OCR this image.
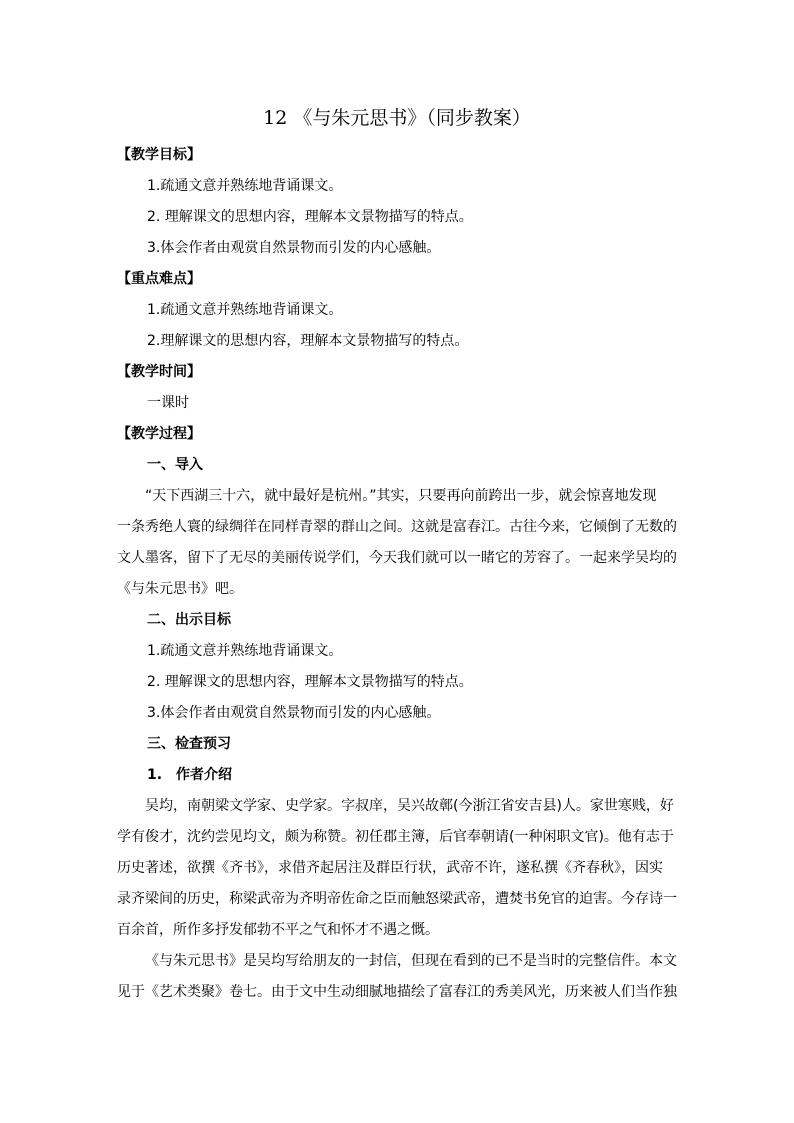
12 《与朱元思书》（同步教案）
【教学目标】
1.疏通文意并熟练地背诵课文。
2. 理解课文的思想内容，理解本文景物描写的特点。
3.体会作者由观赏自然景物而引发的内心感触。
【重点难点】
1.疏通文意并熟练地背诵课文。
2.理解课文的思想内容，理解本文景物描写的特点。
【教学时间】
一课时
【教学过程】
一、导入

“天下西湖三十六，就中最好是杭州。”其实，只要再向前跨出一步，就会惊喜地发现

一条秀绝人寰的绿绸徉在同样青翠的群山之间。这就是富春江。古往今来，它倾倒了无数的

文人墨客，留下了无尽的美丽传说学们，今天我们就可以一睹它的芳容了。一起来学吴均的

《与朱元思书》吧。

二、出示目标
1.疏通文意并熟练地背诵课文。
2. 理解课文的思想内容，理解本文景物描写的特点。
3.体会作者由观赏自然景物而引发的内心感触。
三、检查预习
1.　作者介绍

吴均，南朝梁文学家、史学家。字叔庠，吴兴故鄣(今浙江省安吉县)人。家世寒贱，好

学有俊才，沈约尝见均文，颇为称赞。初任郡主簿，后官奉朝请(一种闲职文官)。他有志于

历史著述，欲撰《齐书》，求借齐起居注及群臣行状，武帝不许，遂私撰《齐春秋》，因实

录齐梁间的历史，称梁武帝为齐明帝佐命之臣而触怒梁武帝，遭焚书免官的迫害。今存诗一

百余首，所作多抒发郁勃不平之气和怀才不遇之慨。

《与朱元思书》是吴均写给朋友的一封信，但现在看到的已不是当时的完整信件。本文

见于《艺术类聚》卷七。由于文中生动细腻地描绘了富春江的秀美风光，历来被人们当作独
